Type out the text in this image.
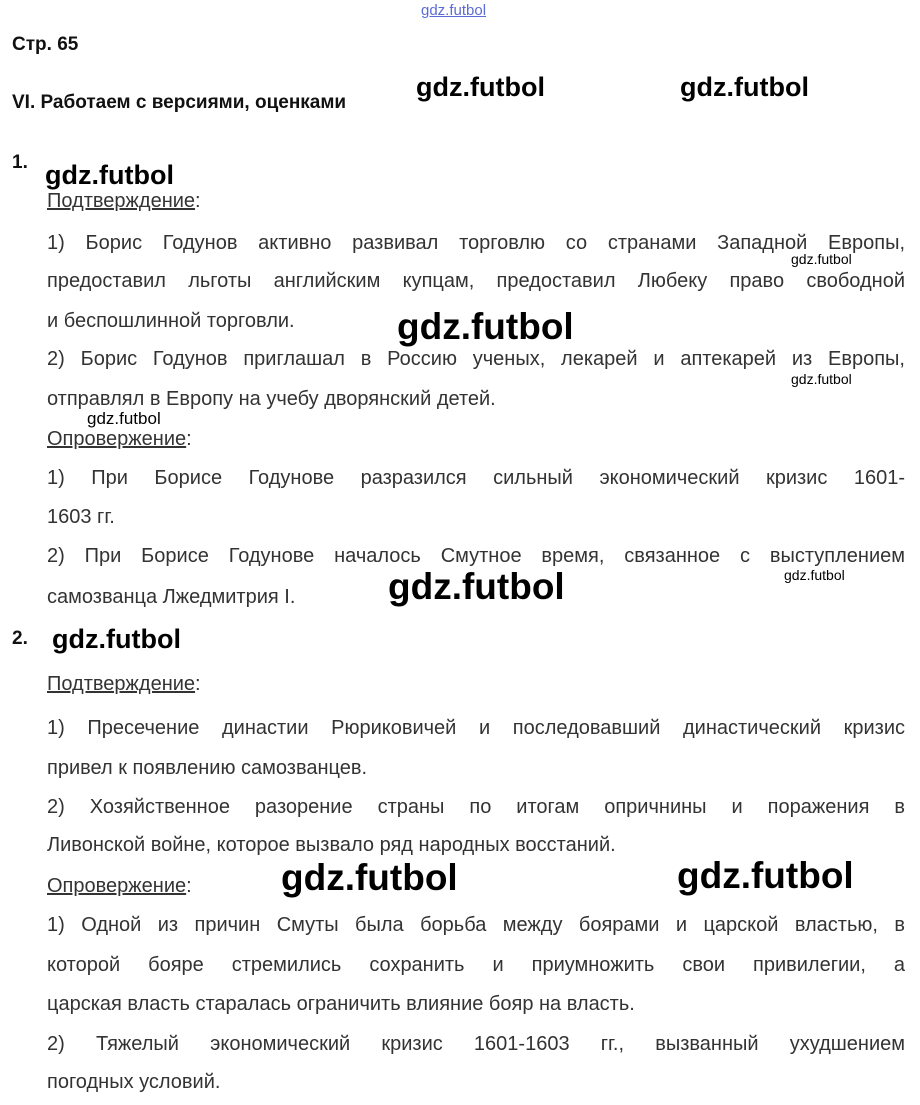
gdz.futbol
Стр. 65
VI. Работаем с версиями, оценками
gdz.futbol	gdz.futbol
gdz.futbol
gdz.futbol
gdz.futbol
gdz.futbol
gdz.futbol
gdz.futbol
gdz.futbol
gdz.futbol
gdz.futbol	gdz.futbol
1.
Подтверждение:
1) Борис Годунов активно развивал торговлю со странами Западной Европы,
предоставил льготы английским купцам, предоставил Любеку право свободной
и беспошлинной торговли.
2) Борис Годунов приглашал в Россию ученых, лекарей и аптекарей из Европы,
отправлял в Европу на учебу дворянский детей.
Опровержение:
1) При Борисе Годунове разразился сильный экономический кризис 1601-
1603 гг.
2) При Борисе Годунове началось Смутное время, связанное с выступлением
самозванца Лжедмитрия I.
2.
Подтверждение:
1) Пресечение династии Рюриковичей и последовавший династический кризис
привел к появлению самозванцев.
2) Хозяйственное разорение страны по итогам опричнины и поражения в
Ливонской войне, которое вызвало ряд народных восстаний.
Опровержение:
1) Одной из причин Смуты была борьба между боярами и царской властью, в
которой бояре стремились сохранить и приумножить свои привилегии, а
царская власть старалась ограничить влияние бояр на власть.
2) Тяжелый экономический кризис 1601-1603 гг., вызванный ухудшением
погодных условий.
